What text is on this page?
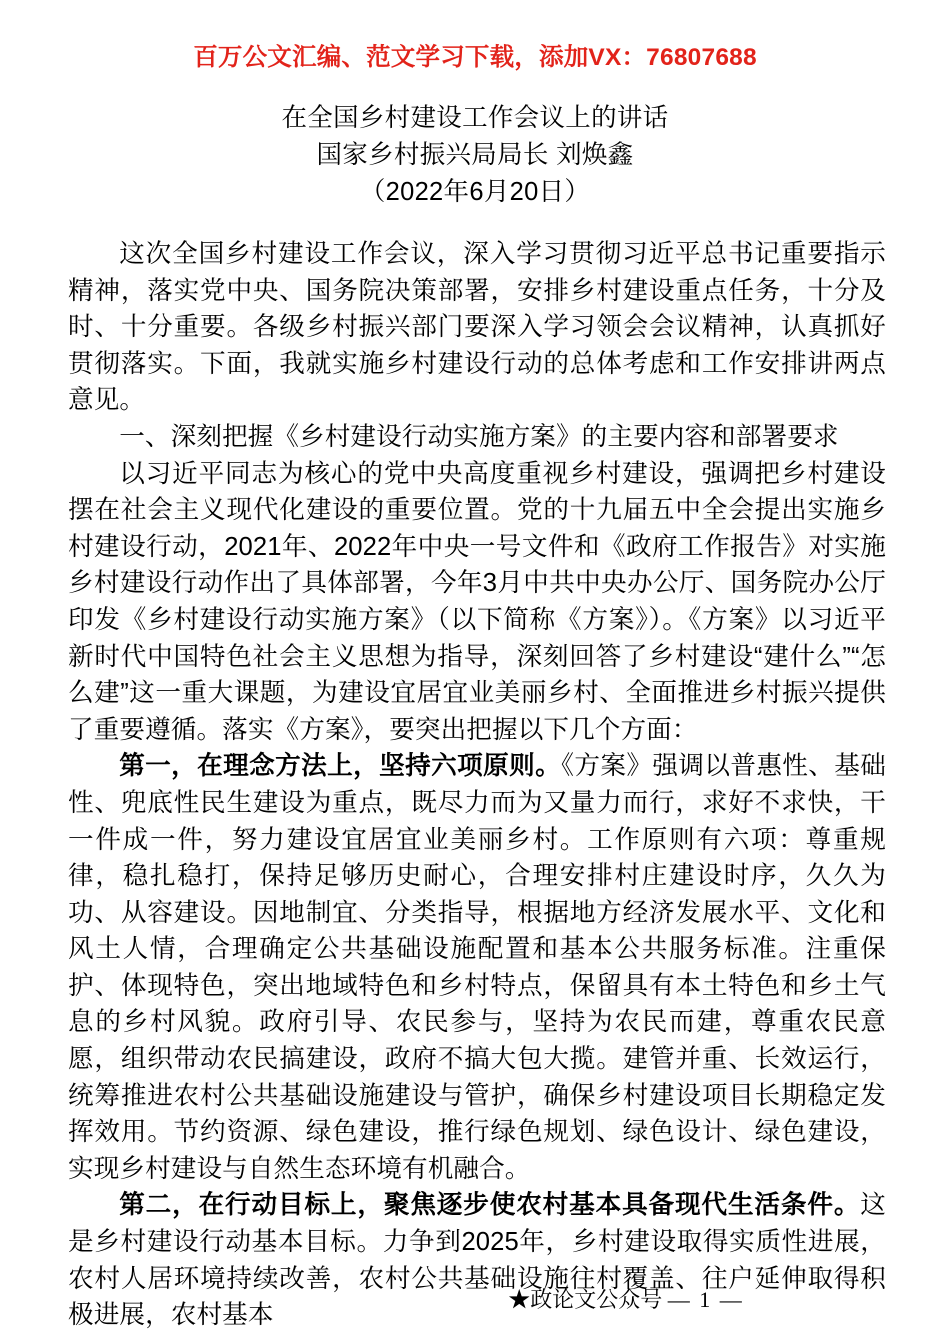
百万公文汇编、范文学习下载，添加VX：76807688
在全国乡村建设工作会议上的讲话
国家乡村振兴局局长 刘焕鑫
（2022年6月20日）

这次全国乡村建设工作会议，深入学习贯彻习近平总书记重要指示精神，落实党中央、国务院决策部署，安排乡村建设重点任务，十分及时、十分重要。各级乡村振兴部门要深入学习领会会议精神，认真抓好贯彻落实。下面，我就实施乡村建设行动的总体考虑和工作安排讲两点意见。

一、深刻把握《乡村建设行动实施方案》的主要内容和部署要求

以习近平同志为核心的党中央高度重视乡村建设，强调把乡村建设摆在社会主义现代化建设的重要位置。党的十九届五中全会提出实施乡村建设行动，2021年、2022年中央一号文件和《政府工作报告》对实施乡村建设行动作出了具体部署，今年3月中共中央办公厅、国务院办公厅印发《乡村建设行动实施方案》（以下简称《方案》）。《方案》以习近平新时代中国特色社会主义思想为指导，深刻回答了乡村建设“建什么”“怎么建”这一重大课题，为建设宜居宜业美丽乡村、全面推进乡村振兴提供了重要遵循。落实《方案》，要突出把握以下几个方面：

第一，在理念方法上，坚持六项原则。《方案》强调以普惠性、基础性、兜底性民生建设为重点，既尽力而为又量力而行，求好不求快，干一件成一件，努力建设宜居宜业美丽乡村。工作原则有六项：尊重规律，稳扎稳打，保持足够历史耐心，合理安排村庄建设时序，久久为功、从容建设。因地制宜、分类指导，根据地方经济发展水平、文化和风土人情，合理确定公共基础设施配置和基本公共服务标准。注重保护、体现特色，突出地域特色和乡村特点，保留具有本土特色和乡土气息的乡村风貌。政府引导、农民参与，坚持为农民而建，尊重农民意愿，组织带动农民搞建设，政府不搞大包大揽。建管并重、长效运行，统筹推进农村公共基础设施建设与管护，确保乡村建设项目长期稳定发挥效用。节约资源、绿色建设，推行绿色规划、绿色设计、绿色建设，实现乡村建设与自然生态环境有机融合。

第二，在行动目标上，聚焦逐步使农村基本具备现代生活条件。这是乡村建设行动基本目标。力争到2025年，乡村建设取得实质性进展，农村人居环境持续改善，农村公共基础设施往村覆盖、往户延伸取得积极进展，农村基本

★政论文公众号 — 1 —
